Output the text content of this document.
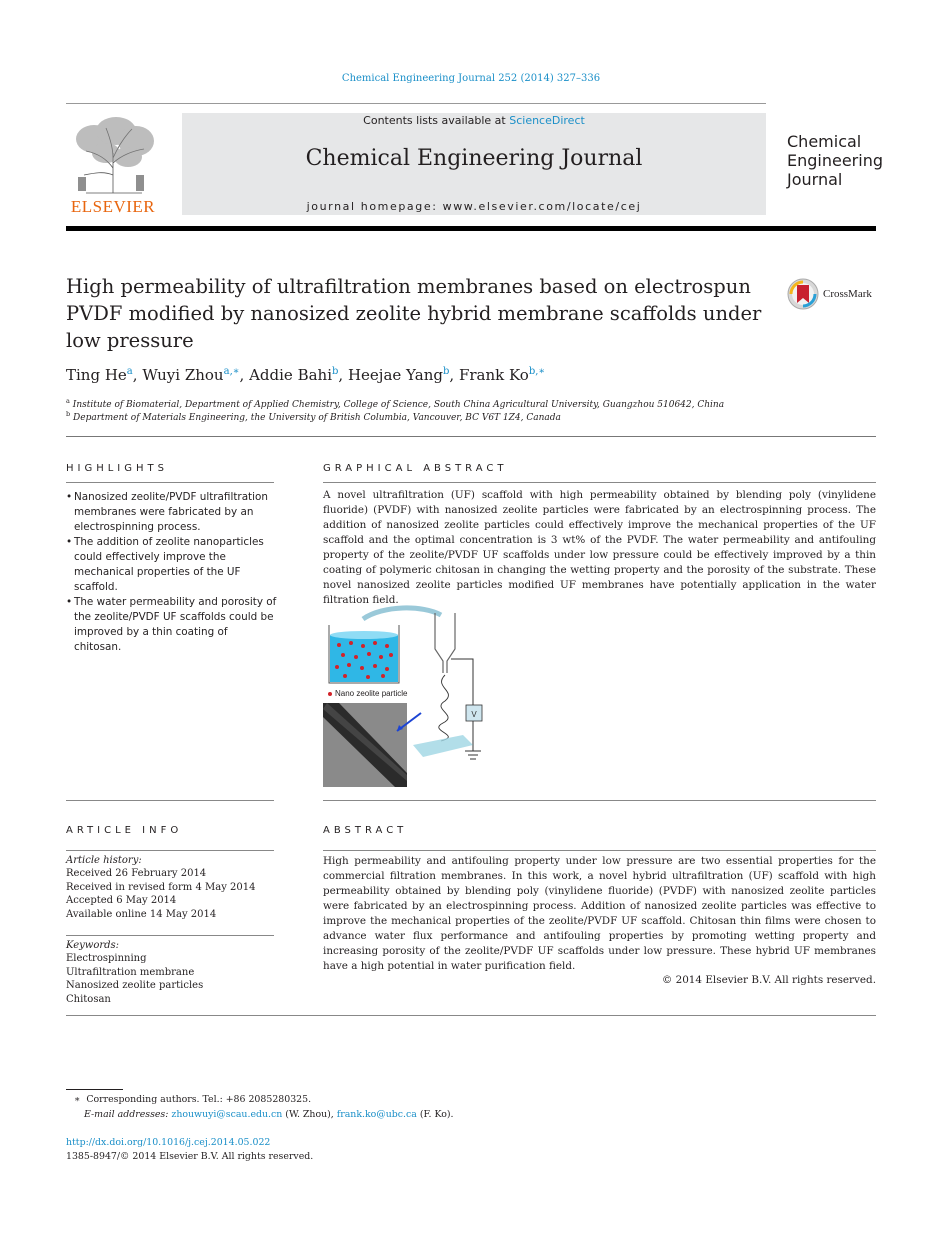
Chemical Engineering Journal 252 (2014) 327–336
ELSEVIER
Contents lists available at ScienceDirect
Chemical Engineering Journal
journal homepage: www.elsevier.com/locate/cej
Chemical
Engineering
Journal
High permeability of ultrafiltration membranes based on electrospun PVDF modified by nanosized zeolite hybrid membrane scaffolds under low pressure
CrossMark
Ting He$^a$, Wuyi Zhou$^{a,∗}$, Addie Bahi$^b$, Heejae Yang$^b$, Frank $Ko^{b,∗}$
$^a$ Institute of Biomaterial, Department of Applied Chemistry, College of Science, South China Agricultural University, Guangzhou 510642, China
$^b$ Department of Materials Engineering, the University of British Columbia, Vancouver, BC V6T 1Z4, Canada
HIGHLIGHTS
• Nanosized zeolite/PVDF ultrafiltration membranes were fabricated by an electrospinning process.
• The addition of zeolite nanoparticles could effectively improve the mechanical properties of the UF scaffold.
• The water permeability and porosity of the zeolite/PVDF UF scaffolds could be improved by a thin coating of chitosan.
GRAPHICAL ABSTRACT
A novel ultrafiltration (UF) scaffold with high permeability obtained by blending poly (vinylidene fluoride) (PVDF) with nanosized zeolite particles were fabricated by an electrospinning process. The addition of nanosized zeolite particles could effectively improve the mechanical properties of the UF scaffold and the optimal concentration is 3 wt% of the PVDF. The water permeability and antifouling property of the zeolite/PVDF UF scaffolds under low pressure could be effectively improved by a thin coating of polymeric chitosan in changing the wetting property and the porosity of the substrate. These novel nanosized zeolite particles modified UF membranes have potentially application in the water filtration field.
V
Nano zeolite particle
ARTICLE INFO
Article history:
Received 26 February 2014
Received in revised form 4 May 2014
Accepted 6 May 2014
Available online 14 May 2014
Keywords:
Electrospinning
Ultrafiltration membrane
Nanosized zeolite particles
Chitosan
ABSTRACT
High permeability and antifouling property under low pressure are two essential properties for the commercial filtration membranes. In this work, a novel hybrid ultrafiltration (UF) scaffold with high permeability obtained by blending poly (vinylidene fluoride) (PVDF) with nanosized zeolite particles were fabricated by an electrospinning process. Addition of nanosized zeolite particles was effective to improve the mechanical properties of the zeolite/PVDF UF scaffold. Chitosan thin films were chosen to advance water flux performance and antifouling properties by promoting wetting property and increasing porosity of the zeolite/PVDF UF scaffolds under low pressure. These hybrid UF membranes have a high potential in water purification field.
© 2014 Elsevier B.V. All rights reserved.
∗ Corresponding authors. Tel.: +86 2085280325.
E-mail addresses: zhouwuyi@scau.edu.cn (W. Zhou), frank.ko@ubc.ca (F. Ko).
http://dx.doi.org/10.1016/j.cej.2014.05.022
1385-8947/© 2014 Elsevier B.V. All rights reserved.
